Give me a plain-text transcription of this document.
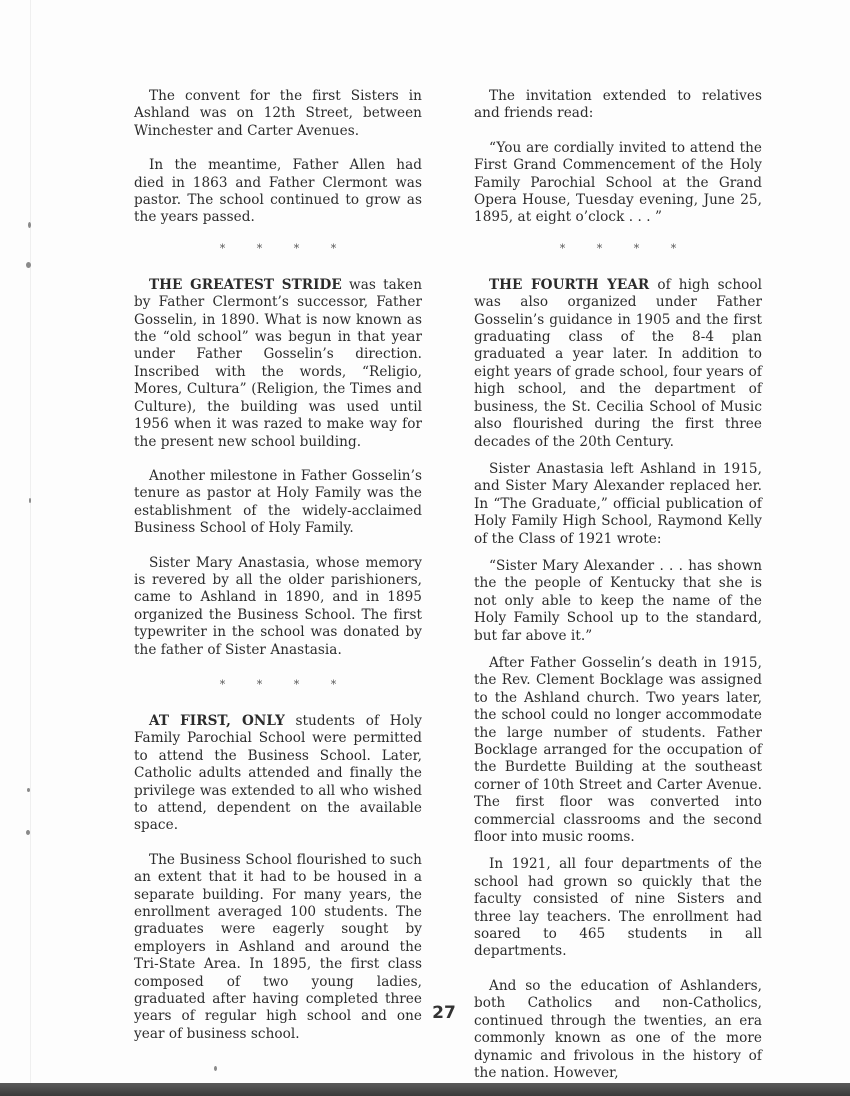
The convent for the first Sisters in Ashland was on 12th Street, between Winchester and Carter Avenues.

In the meantime, Father Allen had died in 1863 and Father Clermont was pastor. The school continued to grow as the years passed.

* * * *

THE GREATEST STRIDE was taken by Father Clermont’s successor, Father Gosselin, in 1890. What is now known as the “old school” was begun in that year under Father Gosselin’s direction. Inscribed with the words, “Religio, Mores, Cultura” (Religion, the Times and Culture), the building was used until 1956 when it was razed to make way for the present new school building.

Another milestone in Father Gosselin’s tenure as pastor at Holy Family was the establishment of the widely-acclaimed Business School of Holy Family.

Sister Mary Anastasia, whose memory is revered by all the older parishioners, came to Ashland in 1890, and in 1895 organized the Business School. The first typewriter in the school was donated by the father of Sister Anastasia.

* * * *

AT FIRST, ONLY students of Holy Family Parochial School were permitted to attend the Business School. Later, Catholic adults attended and finally the privilege was extended to all who wished to attend, dependent on the available space.

The Business School flourished to such an extent that it had to be housed in a separate building. For many years, the enrollment averaged 100 students. The graduates were eagerly sought by employers in Ashland and around the Tri-State Area. In 1895, the first class composed of two young ladies, graduated after having completed three years of regular high school and one year of business school.

The invitation extended to relatives and friends read:

“You are cordially invited to attend the First Grand Commencement of the Holy Family Parochial School at the Grand Opera House, Tuesday evening, June 25, 1895, at eight o’clock . . . ”

* * * *

THE FOURTH YEAR of high school was also organized under Father Gosselin’s guidance in 1905 and the first graduating class of the 8-4 plan graduated a year later. In addition to eight years of grade school, four years of high school, and the department of business, the St. Cecilia School of Music also flourished during the first three decades of the 20th Century.

Sister Anastasia left Ashland in 1915, and Sister Mary Alexander replaced her. In “The Graduate,” official publication of Holy Family High School, Raymond Kelly of the Class of 1921 wrote:

“Sister Mary Alexander . . . has shown the the people of Kentucky that she is not only able to keep the name of the Holy Family School up to the standard, but far above it.”

After Father Gosselin’s death in 1915, the Rev. Clement Bocklage was assigned to the Ashland church. Two years later, the school could no longer accommodate the large number of students. Father Bocklage arranged for the occupation of the Burdette Building at the southeast corner of 10th Street and Carter Avenue. The first floor was converted into commercial classrooms and the second floor into music rooms.

In 1921, all four departments of the school had grown so quickly that the faculty consisted of nine Sisters and three lay teachers. The enrollment had soared to 465 students in all departments.

And so the education of Ashlanders, both Catholics and non-Catholics, continued through the twenties, an era commonly known as one of the more dynamic and frivolous in the history of the nation. However,

27
